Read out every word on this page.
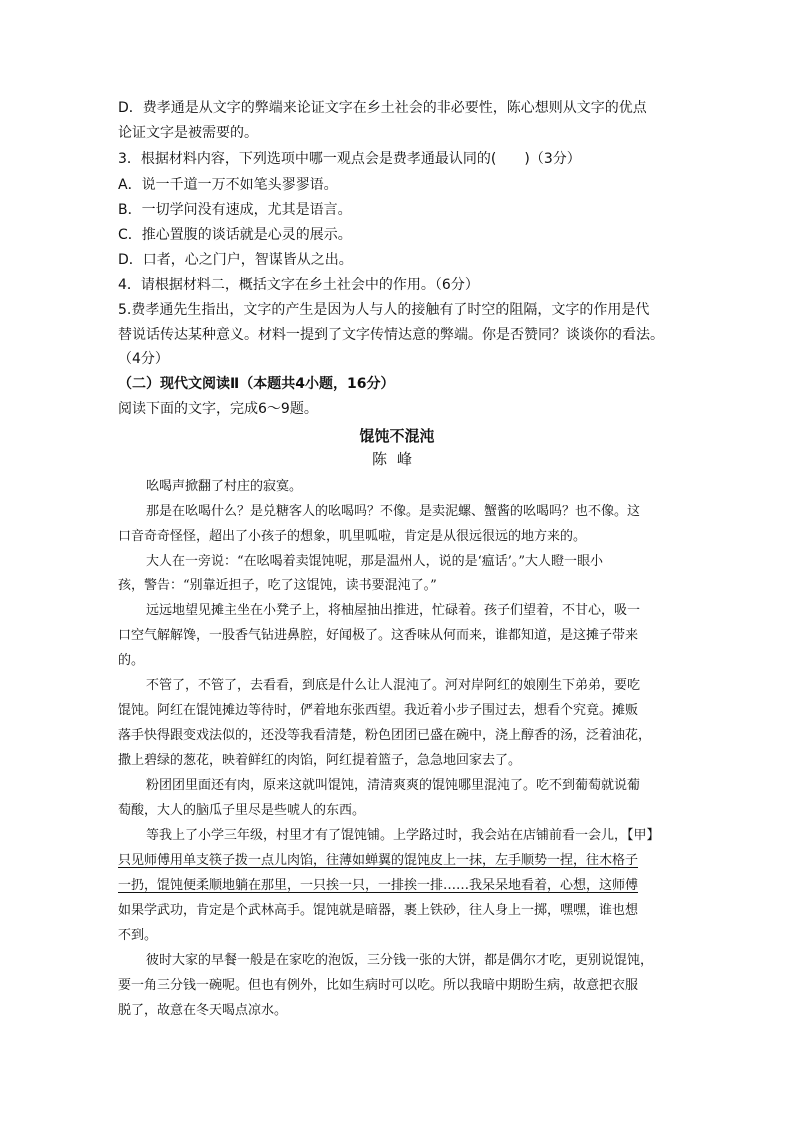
D．费孝通是从文字的弊端来论证文字在乡土社会的非必要性，陈心想则从文字的优点
论证文字是被需要的。
3．根据材料内容，下列选项中哪一观点会是费孝通最认同的(　　)（3分）
A．说一千道一万不如笔头翏翏语。
B．一切学问没有速成，尤其是语言。
C．推心置腹的谈话就是心灵的展示。
D．口者，心之门户，智谋皆从之出。
4．请根据材料二，概括文字在乡土社会中的作用。（6分）
5.费孝通先生指出，文字的产生是因为人与人的接触有了时空的阻隔，文字的作用是代
替说话传达某种意义。材料一提到了文字传情达意的弊端。你是否赞同？谈谈你的看法。
（4分）
（二）现代文阅读Ⅱ（本题共4小题，16分）
阅读下面的文字，完成6～9题。
馄饨不混沌
陈峰
吆喝声掀翻了村庄的寂寞。
那是在吆喝什么？是兑糖客人的吆喝吗？不像。是卖泥螺、蟹酱的吆喝吗？也不像。这
口音奇奇怪怪，超出了小孩子的想象，叽里呱啦，肯定是从很远很远的地方来的。
大人在一旁说：“在吆喝着卖馄饨呢，那是温州人，说的是‘瘟话’。”大人瞪一眼小
孩，警告：“别靠近担子，吃了这馄饨，读书要混沌了。”
远远地望见摊主坐在小凳子上，将柚屋抽出推进，忙碌着。孩子们望着，不甘心，吸一
口空气解解馋，一股香气钻进鼻腔，好闻极了。这香味从何而来，谁都知道，是这摊子带来
的。
不管了，不管了，去看看，到底是什么让人混沌了。河对岸阿红的娘刚生下弟弟，要吃
馄饨。阿红在馄饨摊边等待时，俨着地东张西望。我近着小步子围过去，想看个究竟。摊贩
落手快得跟变戏法似的，还没等我看清楚，粉色团团已盛在碗中，浇上醇香的汤，泛着油花，
撒上碧绿的葱花，映着鲜红的肉馅，阿红提着篮子，急急地回家去了。
粉团团里面还有肉，原来这就叫馄饨，清清爽爽的馄饨哪里混沌了。吃不到葡萄就说葡
萄酸，大人的脑瓜子里尽是些唬人的东西。
等我上了小学三年级，村里才有了馄饨铺。上学路过时，我会站在店铺前看一会儿，【甲】
只见师傅用单支筷子拨一点儿肉馅，往薄如蝉翼的馄饨皮上一抹，左手顺势一捏，往木格子
一扔，馄饨便柔顺地躺在那里，一只挨一只，一排挨一排……我呆呆地看着，心想，这师傅
如果学武功，肯定是个武林高手。馄饨就是暗器，裹上铁砂，往人身上一掷，嘿嘿，谁也想
不到。
彼时大家的早餐一般是在家吃的泡饭，三分钱一张的大饼，都是偶尔才吃，更别说馄饨，
要一角三分钱一碗呢。但也有例外，比如生病时可以吃。所以我暗中期盼生病，故意把衣服
脱了，故意在冬天喝点凉水。
